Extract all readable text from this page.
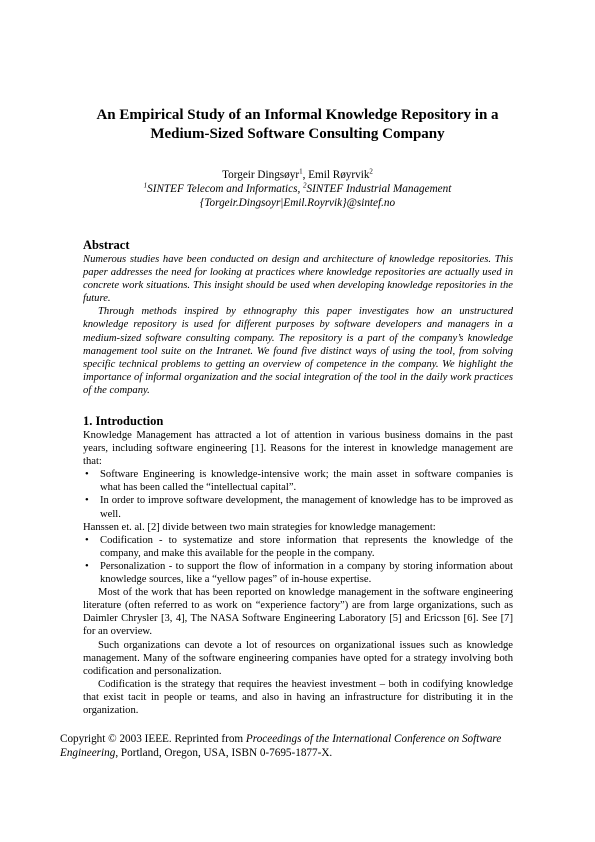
An Empirical Study of an Informal Knowledge Repository in a
Medium-Sized Software Consulting Company
Torgeir Dingsøyr$^1$, Emil Røyrvik$^2$
$^1$SINTEF Telecom and Informatics, $^2$SINTEF Industrial Management
{Torgeir.Dingsoyr|Emil.Royrvik}@sintef.no
Abstract

Numerous studies have been conducted on design and architecture of knowledge repositories. This paper addresses the need for looking at practices where knowledge repositories are actually used in concrete work situations. This insight should be used when developing knowledge repositories in the future.

Through methods inspired by ethnography this paper investigates how an unstructured knowledge repository is used for different purposes by software developers and managers in a medium-sized software consulting company. The repository is a part of the company’s knowledge management tool suite on the Intranet. We found five distinct ways of using the tool, from solving specific technical problems to getting an overview of competence in the company. We highlight the importance of informal organization and the social integration of the tool in the daily work practices of the company.

1. Introduction

Knowledge Management has attracted a lot of attention in various business domains in the past years, including software engineering [1]. Reasons for the interest in knowledge management are that:

• Software Engineering is knowledge-intensive work; the main asset in software companies is what has been called the “intellectual capital”.
• In order to improve software development, the management of knowledge has to be improved as well.

Hanssen et. al. [2] divide between two main strategies for knowledge management:

• Codification - to systematize and store information that represents the knowledge of the company, and make this available for the people in the company.
• Personalization - to support the flow of information in a company by storing information about knowledge sources, like a “yellow pages” of in-house expertise.

Most of the work that has been reported on knowledge management in the software engineering literature (often referred to as work on “experience factory”) are from large organizations, such as Daimler Chrysler [3, 4], The NASA Software Engineering Laboratory [5] and Ericsson [6]. See [7] for an overview.

Such organizations can devote a lot of resources on organizational issues such as knowledge management. Many of the software engineering companies have opted for a strategy involving both codification and personalization.

Codification is the strategy that requires the heaviest investment – both in codifying knowledge that exist tacit in people or teams, and also in having an infrastructure for distributing it in the organization.

Copyright © 2003 IEEE. Reprinted from Proceedings of the International Conference on Software Engineering, Portland, Oregon, USA, ISBN 0-7695-1877-X.
